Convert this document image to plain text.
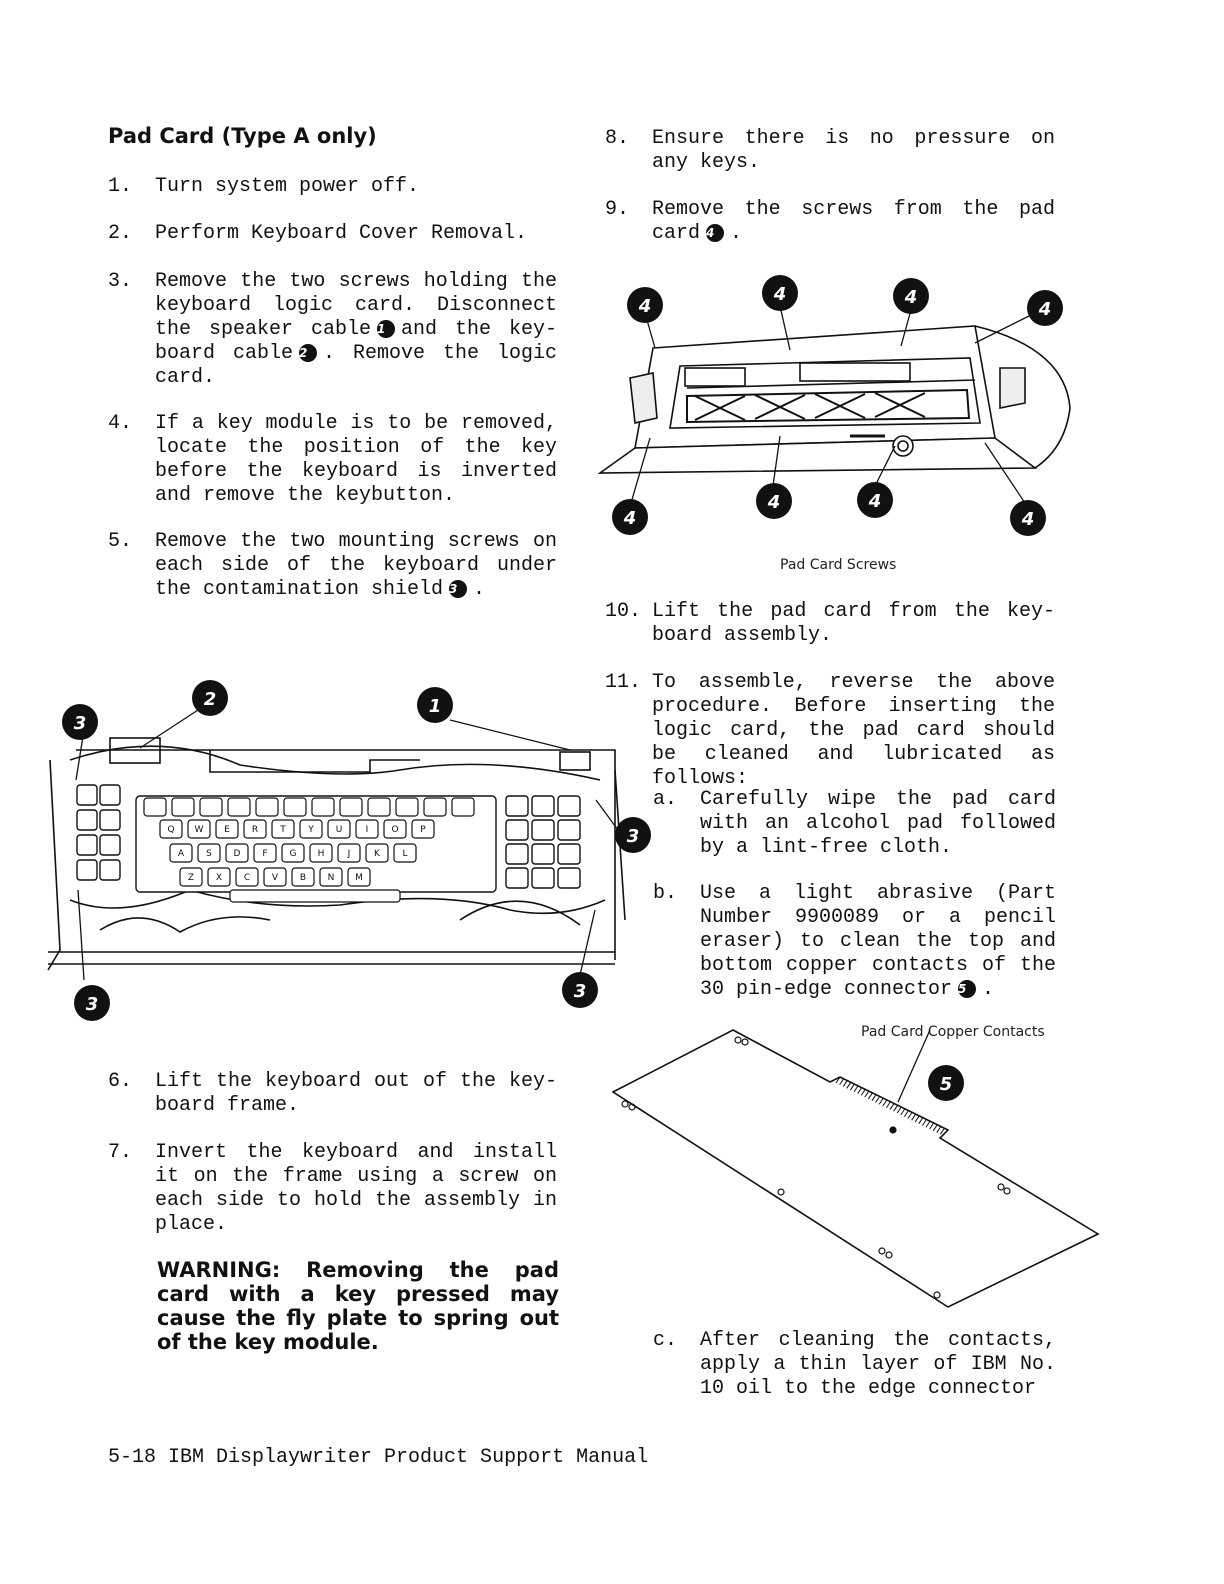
Pad Card (Type A only)
1. Turn system power off.
2. Perform Keyboard Cover Removal.
3. Remove the two screws holding the keyboard logic card. Disconnect the speaker cable 1 and the key-board cable 2 . Remove the logic card.
4. If a key module is to be removed, locate the position of the key before the keyboard is inverted and remove the keybutton.
5. Remove the two mounting screws on each side of the keyboard under the contamination shield 3 .
Q W E R T	Y U	I	O P
A S D F G H	J	K	L
Z X C V B N M
2	1
3
3
3
3
6. Lift the keyboard out of the key-board frame.
7. Invert the keyboard and install it on the frame using a screw on each side to hold the assembly in place.
WARNING: Removing the pad card with a key pressed may cause the fly plate to spring out of the key module.
8. Ensure there is no pressure on any keys.
9. Remove the screws from the pad card 4 .
4
4	4
4
4
4	4
4
Pad Card Screws
10. Lift the pad card from the key-board assembly.
11. To assemble, reverse the above procedure. Before inserting the logic card, the pad card should be cleaned and lubricated as follows:
a. Carefully wipe the pad card with an alcohol pad followed by a lint-free cloth.
b. Use a light abrasive (Part Number 9900089 or a pencil eraser) to clean the top and bottom copper contacts of the 30 pin-edge connector 5 .
Pad Card Copper Contacts
5
c. After cleaning the contacts, apply a thin layer of IBM No. 10 oil to the edge connector
5-18 IBM Displaywriter Product Support Manual
